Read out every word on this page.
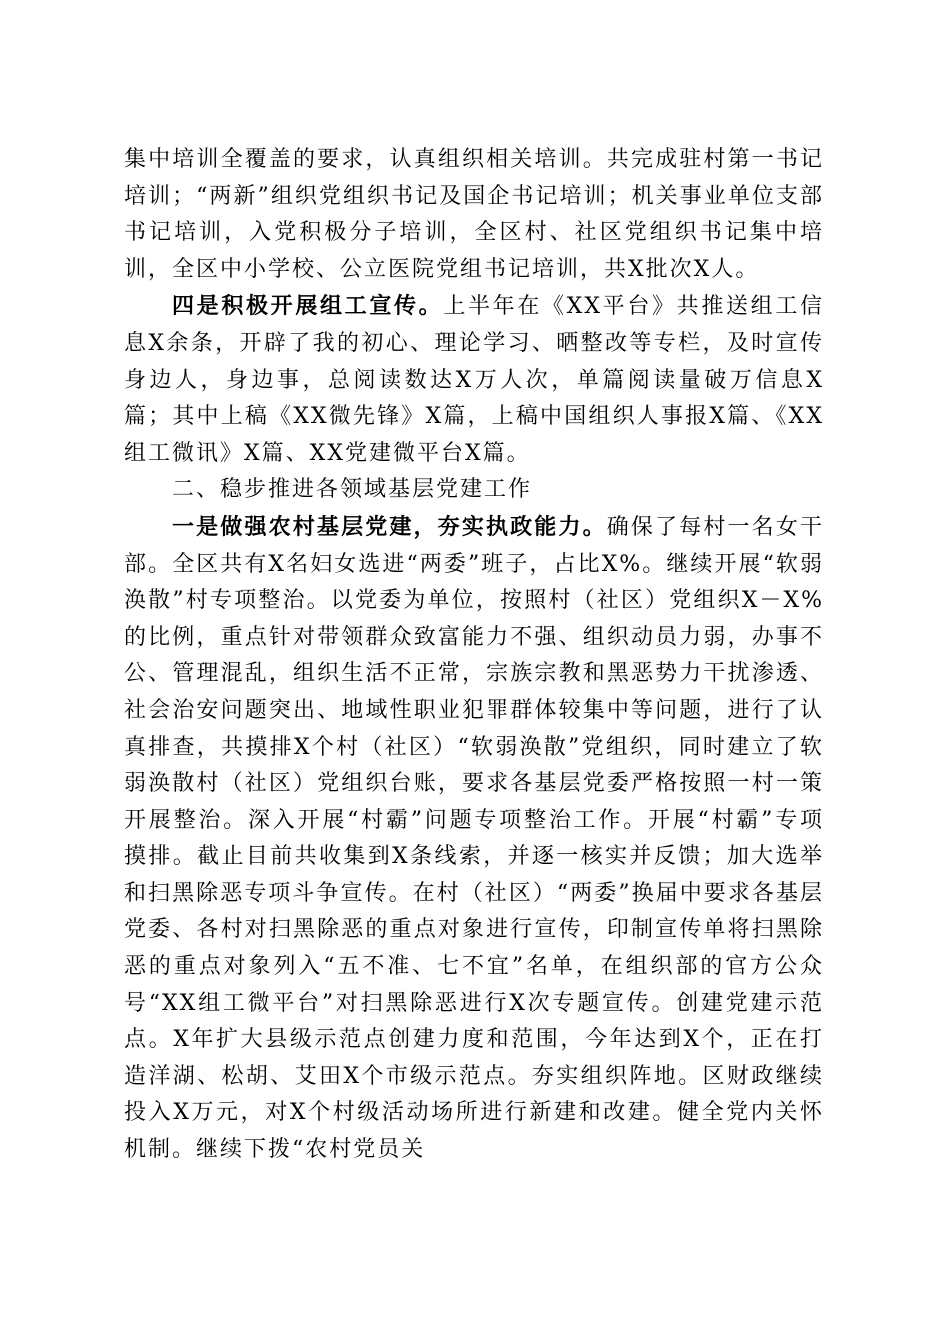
集中培训全覆盖的要求，认真组织相关培训。共完成驻村第一书记培训；“两新”组织党组织书记及国企书记培训；机关事业单位支部书记培训，入党积极分子培训，全区村、社区党组织书记集中培训，全区中小学校、公立医院党组书记培训，共X批次X人。

四是积极开展组工宣传。上半年在《XX平台》共推送组工信息X余条，开辟了我的初心、理论学习、晒整改等专栏，及时宣传身边人，身边事，总阅读数达X万人次，单篇阅读量破万信息X篇；其中上稿《XX微先锋》X篇，上稿中国组织人事报X篇、《XX组工微讯》X篇、XX党建微平台X篇。

二、稳步推进各领域基层党建工作

一是做强农村基层党建，夯实执政能力。确保了每村一名女干部。全区共有X名妇女选进“两委”班子，占比X%。继续开展“软弱涣散”村专项整治。以党委为单位，按照村（社区）党组织X－X%的比例，重点针对带领群众致富能力不强、组织动员力弱，办事不公、管理混乱，组织生活不正常，宗族宗教和黑恶势力干扰渗透、社会治安问题突出、地域性职业犯罪群体较集中等问题，进行了认真排查，共摸排X个村（社区）“软弱涣散”党组织，同时建立了软弱涣散村（社区）党组织台账，要求各基层党委严格按照一村一策开展整治。深入开展“村霸”问题专项整治工作。开展“村霸”专项摸排。截止目前共收集到X条线索，并逐一核实并反馈；加大选举和扫黑除恶专项斗争宣传。在村（社区）“两委”换届中要求各基层党委、各村对扫黑除恶的重点对象进行宣传，印制宣传单将扫黑除恶的重点对象列入“五不准、七不宜”名单，在组织部的官方公众号“XX组工微平台”对扫黑除恶进行X次专题宣传。创建党建示范点。X年扩大县级示范点创建力度和范围，今年达到X个，正在打造洋湖、松胡、艾田X个市级示范点。夯实组织阵地。区财政继续投入X万元，对X个村级活动场所进行新建和改建。健全党内关怀机制。继续下拨“农村党员关
